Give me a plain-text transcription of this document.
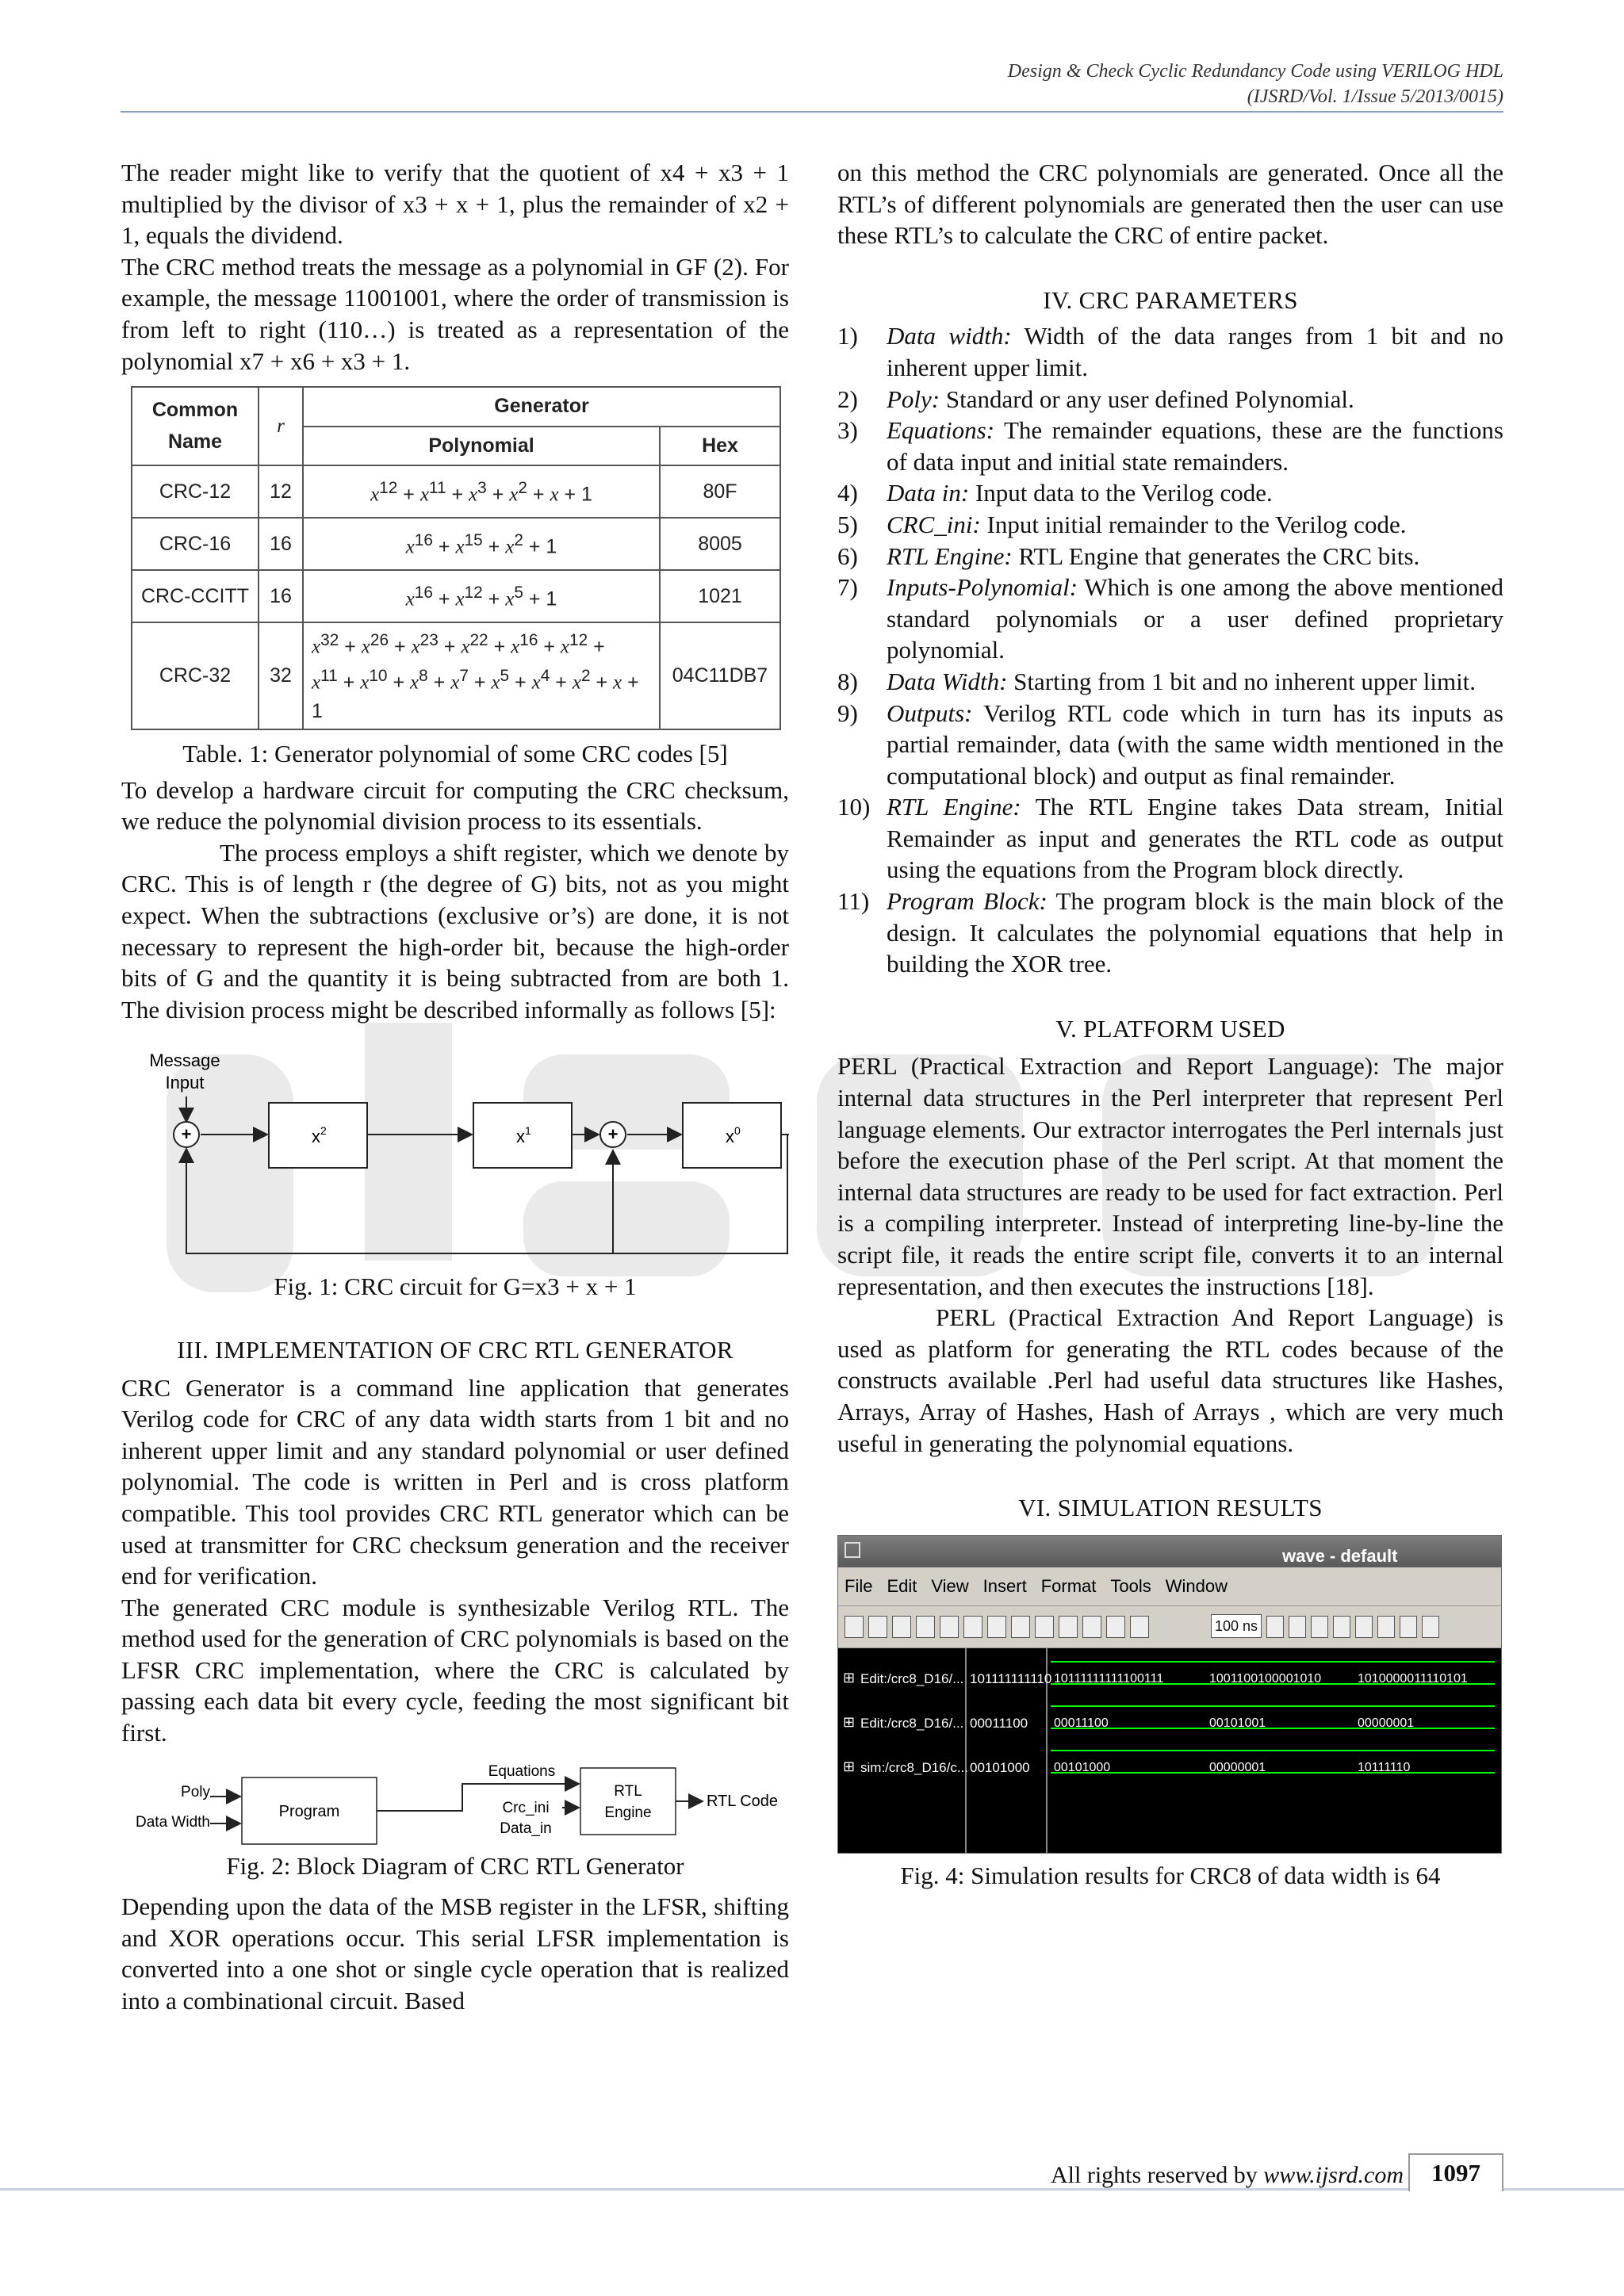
Design & Check Cyclic Redundancy Code using VERILOG HDL
(IJSRD/Vol. 1/Issue 5/2013/0015)

The reader might like to verify that the quotient of x4 + x3 + 1 multiplied by the divisor of x3 + x + 1, plus the remainder of x2 + 1, equals the dividend.

The CRC method treats the message as a polynomial in GF (2). For example, the message 11001001, where the order of transmission is from left to right (110…) is treated as a representation of the polynomial x7 + x6 + x3 + 1.

Common Name	r	Generator	
		Polynomial	Hex
CRC-12	12	$x^{12} + x^{11} + x^3 + x^2 + x + 1$	80F
CRC-16	16	$x^{16} + x^{15} + x^2 + 1$	8005
CRC-CCITT	16	$x^{16} + x^{12} + x^5 + 1$	1021
CRC-32	32	$x^{32} + x^{26} + x^{23} + x^{22} + x^{16} + x^{12}$ +
$x^{11} + x^{10} + x^8 + x^7 + x^5 + x^4 + x^2 + x + 1$	04C11DB7

Table. 1: Generator polynomial of some CRC codes [5]

To develop a hardware circuit for computing the CRC checksum, we reduce the polynomial division process to its essentials.

The process employs a shift register, which we denote by CRC. This is of length r (the degree of G) bits, not as you might expect. When the subtractions (exclusive or’s) are done, it is not necessary to represent the high-order bit, because the high-order bits of G and the quantity it is being subtracted from are both 1. The division process might be described informally as follows [5]:

Message
Input
+	$x^2$	$x^1$	+	$x^0$

Fig. 1: CRC circuit for G=x3 + x + 1

III. IMPLEMENTATION OF CRC RTL GENERATOR

CRC Generator is a command line application that generates Verilog code for CRC of any data width starts from 1 bit and no inherent upper limit and any standard polynomial or user defined polynomial. The code is written in Perl and is cross platform compatible. This tool provides CRC RTL generator which can be used at transmitter for CRC checksum generation and the receiver end for verification.

The generated CRC module is synthesizable Verilog RTL. The method used for the generation of CRC polynomials is based on the LFSR CRC implementation, where the CRC is calculated by passing each data bit every cycle, feeding the most significant bit first.

Poly
Data Width
Program
Equations
Crc_ini
Data_in
RTL
Engine
RTL Code

Fig. 2: Block Diagram of CRC RTL Generator

Depending upon the data of the MSB register in the LFSR, shifting and XOR operations occur. This serial LFSR implementation is converted into a one shot or single cycle operation that is realized into a combinational circuit. Based

on this method the CRC polynomials are generated. Once all the RTL’s of different polynomials are generated then the user can use these RTL’s to calculate the CRC of entire packet.

IV. CRC PARAMETERS

1) Data width: Width of the data ranges from 1 bit and no inherent upper limit.
2) Poly: Standard or any user defined Polynomial.
3) Equations: The remainder equations, these are the functions of data input and initial state remainders.
4) Data in: Input data to the Verilog code.
5) CRC_ini: Input initial remainder to the Verilog code.
6) RTL Engine: RTL Engine that generates the CRC bits.
7) Inputs-Polynomial: Which is one among the above mentioned standard polynomials or a user defined proprietary polynomial.
8) Data Width: Starting from 1 bit and no inherent upper limit.
9) Outputs: Verilog RTL code which in turn has its inputs as partial remainder, data (with the same width mentioned in the computational block) and output as final remainder.
10) RTL Engine: The RTL Engine takes Data stream, Initial Remainder as input and generates the RTL code as output using the equations from the Program block directly.
11) Program Block: The program block is the main block of the design. It calculates the polynomial equations that help in building the XOR tree.

V. PLATFORM USED

PERL (Practical Extraction and Report Language): The major internal data structures in the Perl interpreter that represent Perl language elements. Our extractor interrogates the Perl internals just before the execution phase of the Perl script. At that moment the internal data structures are ready to be used for fact extraction. Perl is a compiling interpreter. Instead of interpreting line-by-line the script file, it reads the entire script file, converts it to an internal representation, and then executes the instructions [18].

PERL (Practical Extraction And Report Language) is used as platform for generating the RTL codes because of the constructs available .Perl had useful data structures like Hashes, Arrays, Array of Hashes, Hash of Arrays , which are very much useful in generating the polynomial equations.

VI. SIMULATION RESULTS

wave - default
File Edit View Insert Format Tools Window
100 ns
⊞ Edit:/crc8_D16/... 101111111110 10111111111100111	1001100100001010	1010000011110101
⊞ Edit:/crc8_D16/... 00011100 00011100	00101001	00000001
⊞ sim:/crc8_D16/c... 00101000 00101000	00000001	10111110

Fig. 4: Simulation results for CRC8 of data width is 64

All rights reserved by www.ijsrd.com	1097
